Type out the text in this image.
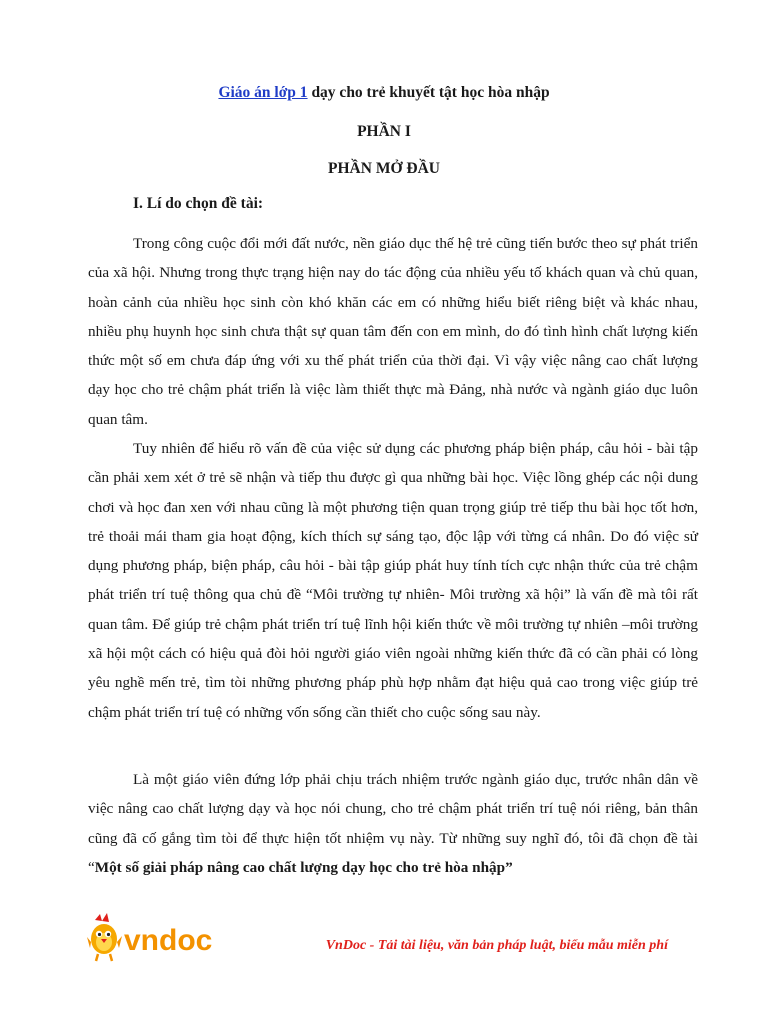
Giáo án lớp 1 dạy cho trẻ khuyết tật học hòa nhập
PHẦN I
PHẦN MỞ ĐẦU
I. Lí do chọn đề tài:

Trong công cuộc đổi mới đất nước, nền giáo dục thế hệ trẻ cũng tiến bước theo sự phát triển của xã hội. Nhưng trong thực trạng hiện nay do tác động của nhiều yếu tố khách quan và chủ quan, hoàn cảnh của nhiều học sinh còn khó khăn các em có những hiểu biết riêng biệt và khác nhau, nhiều phụ huynh học sinh chưa thật sự quan tâm đến con em mình, do đó tình hình chất lượng kiến thức một số em chưa đáp ứng với xu thế phát triển của thời đại. Vì vậy việc nâng cao chất lượng dạy học cho trẻ chậm phát triển là việc làm thiết thực mà Đảng, nhà nước và ngành giáo dục luôn quan tâm.

Tuy nhiên để hiểu rõ vấn đề của việc sử dụng các phương pháp biện pháp, câu hỏi - bài tập cần phải xem xét ở trẻ sẽ nhận và tiếp thu được gì qua những bài học. Việc lồng ghép các nội dung chơi và học đan xen với nhau cũng là một phương tiện quan trọng giúp trẻ tiếp thu bài học tốt hơn, trẻ thoải mái tham gia hoạt động, kích thích sự sáng tạo, độc lập với từng cá nhân. Do đó việc sử dụng phương pháp, biện pháp, câu hỏi - bài tập giúp phát huy tính tích cực nhận thức của trẻ chậm phát triển trí tuệ thông qua chủ đề “Môi trường tự nhiên- Môi trường xã hội” là vấn đề mà tôi rất quan tâm. Để giúp trẻ chậm phát triển trí tuệ lĩnh hội kiến thức về môi trường tự nhiên –môi trường xã hội một cách có hiệu quả đòi hỏi người giáo viên ngoài những kiến thức đã có cần phải có lòng yêu nghề mến trẻ, tìm tòi những phương pháp phù hợp nhằm đạt hiệu quả cao trong việc giúp trẻ chậm phát triển trí tuệ có những vốn sống cần thiết cho cuộc sống sau này.

Là một giáo viên đứng lớp phải chịu trách nhiệm trước ngành giáo dục, trước nhân dân về việc nâng cao chất lượng dạy và học nói chung, cho trẻ chậm phát triển trí tuệ nói riêng, bản thân cũng đã cố gắng tìm tòi để thực hiện tốt nhiệm vụ này. Từ những suy nghĩ đó, tôi đã chọn đề tài “Một số giải pháp nâng cao chất lượng dạy học cho trẻ hòa nhập”

vndoc	VnDoc - Tải tài liệu, văn bản pháp luật, biểu mẫu miễn phí
